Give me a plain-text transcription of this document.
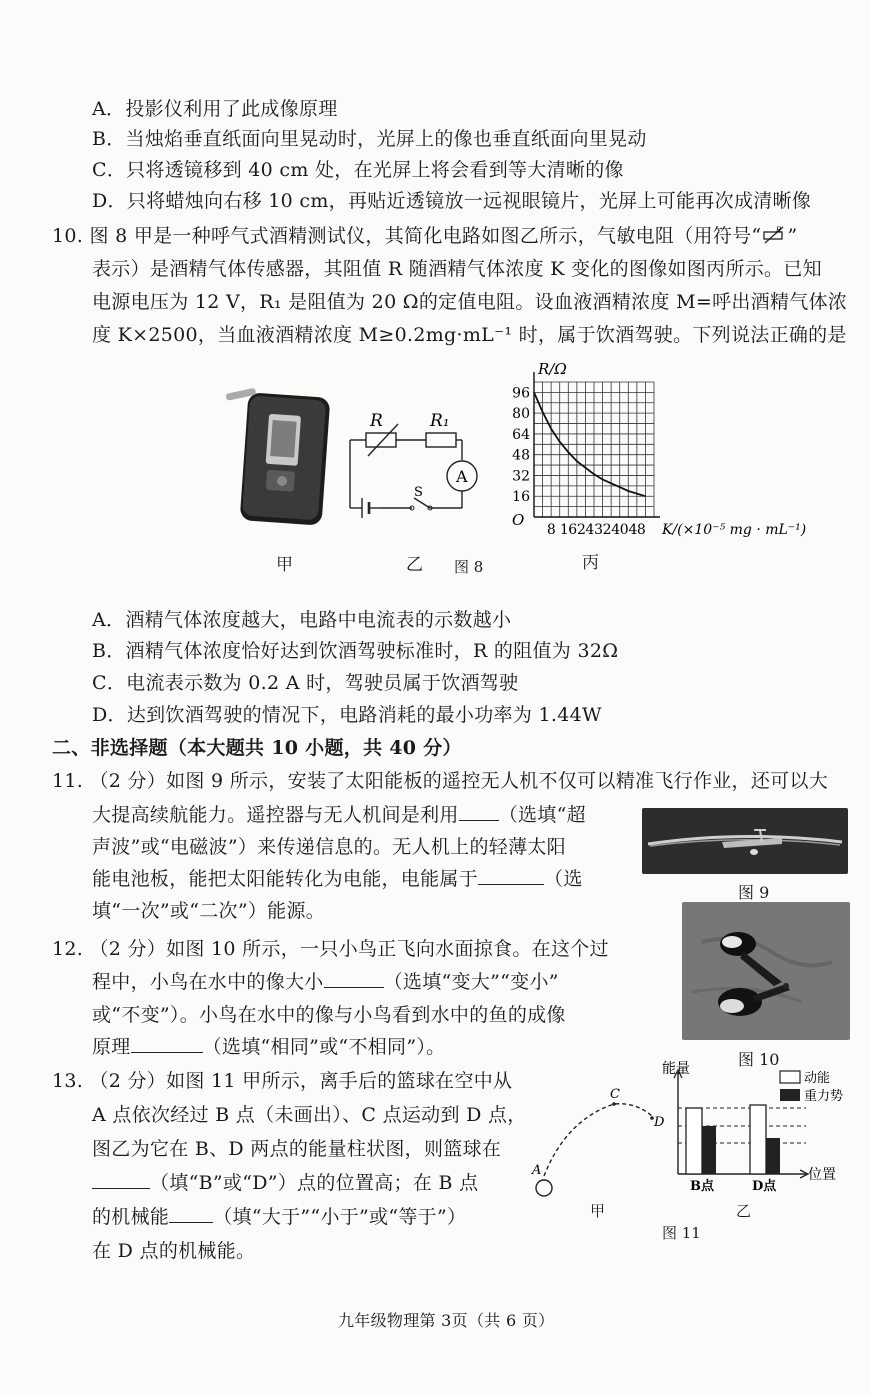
A．投影仪利用了此成像原理
B．当烛焰垂直纸面向里晃动时，光屏上的像也垂直纸面向里晃动
C．只将透镜移到 40 cm 处，在光屏上将会看到等大清晰的像
D．只将蜡烛向右移 10 cm，再贴近透镜放一远视眼镜片，光屏上可能再次成清晰像
10. 图 8 甲是一种呼气式酒精测试仪，其简化电路如图乙所示，气敏电阻（用符号“ R ”
表示）是酒精气体传感器，其阻值 R 随酒精气体浓度 K 变化的图像如图丙所示。已知
电源电压为 12 V，R₁ 是阻值为 20 Ω的定值电阻。设血液酒精浓度 M=呼出酒精气体浓
度 K×2500，当血液酒精浓度 M≥0.2mg·mL⁻¹ 时，属于饮酒驾驶。下列说法正确的是
R	R₁
A
S
96
80
64
48
32
16
8 16 24 32 40 48
O
R/Ω
K/(×10⁻⁵ mg · mL⁻¹)
甲	乙 图 8	丙
A．酒精气体浓度越大，电路中电流表的示数越小
B．酒精气体浓度恰好达到饮酒驾驶标准时，R 的阻值为 32Ω
C．电流表示数为 0.2 A 时，驾驶员属于饮酒驾驶
D．达到饮酒驾驶的情况下，电路消耗的最小功率为 1.44W
二、非选择题（本大题共 10 小题，共 40 分）
11. （2 分）如图 9 所示，安装了太阳能板的遥控无人机不仅可以精准飞行作业，还可以大
大提高续航能力。遥控器与无人机间是利用 （选填“超
声波”或“电磁波”）来传递信息的。无人机上的轻薄太阳
能电池板，能把太阳能转化为电能，电能属于	（选
填“一次”或“二次”）能源。
图 9
12. （2 分）如图 10 所示，一只小鸟正飞向水面掠食。在这个过
程中，小鸟在水中的像大小	（选填“变大”“变小”
或“不变”）。小鸟在水中的像与小鸟看到水中的鱼的成像
原理	（选填“相同”或“不相同”）。
图 10
13. （2 分）如图 11 甲所示，离手后的篮球在空中从
A 点依次经过 B 点（未画出）、C 点运动到 D 点，
图乙为它在 B、D 两点的能量柱状图，则篮球在
（填“B”或“D”）点的位置高；在 B 点
的机械能 （填“大于”“小于”或“等于”）
在 D 点的机械能。
A
C
D
甲
动能
重力势
能量
位置
B点	D点
乙
图 11
九年级物理第 3页（共 6 页）
